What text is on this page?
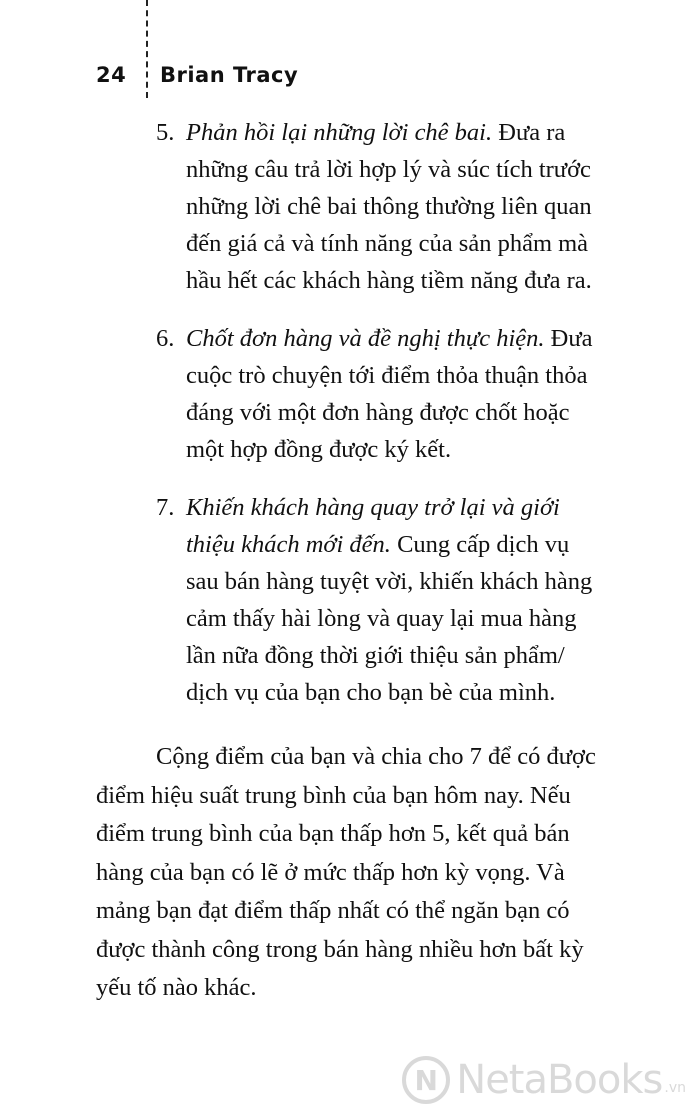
24	Brian Tracy
5. Phản hồi lại những lời chê bai. Đưa ra những câu trả lời hợp lý và súc tích trước những lời chê bai thông thường liên quan đến giá cả và tính năng của sản phẩm mà hầu hết các khách hàng tiềm năng đưa ra.
6. Chốt đơn hàng và đề nghị thực hiện. Đưa cuộc trò chuyện tới điểm thỏa thuận thỏa đáng với một đơn hàng được chốt hoặc một hợp đồng được ký kết.
7. Khiến khách hàng quay trở lại và giới thiệu khách mới đến. Cung cấp dịch vụ sau bán hàng tuyệt vời, khiến khách hàng cảm thấy hài lòng và quay lại mua hàng lần nữa đồng thời giới thiệu sản phẩm/ dịch vụ của bạn cho bạn bè của mình.
Cộng điểm của bạn và chia cho 7 để có được điểm hiệu suất trung bình của bạn hôm nay. Nếu điểm trung bình của bạn thấp hơn 5, kết quả bán hàng của bạn có lẽ ở mức thấp hơn kỳ vọng. Và mảng bạn đạt điểm thấp nhất có thể ngăn bạn có được thành công trong bán hàng nhiều hơn bất kỳ yếu tố nào khác.
N NetaBooks .vn
